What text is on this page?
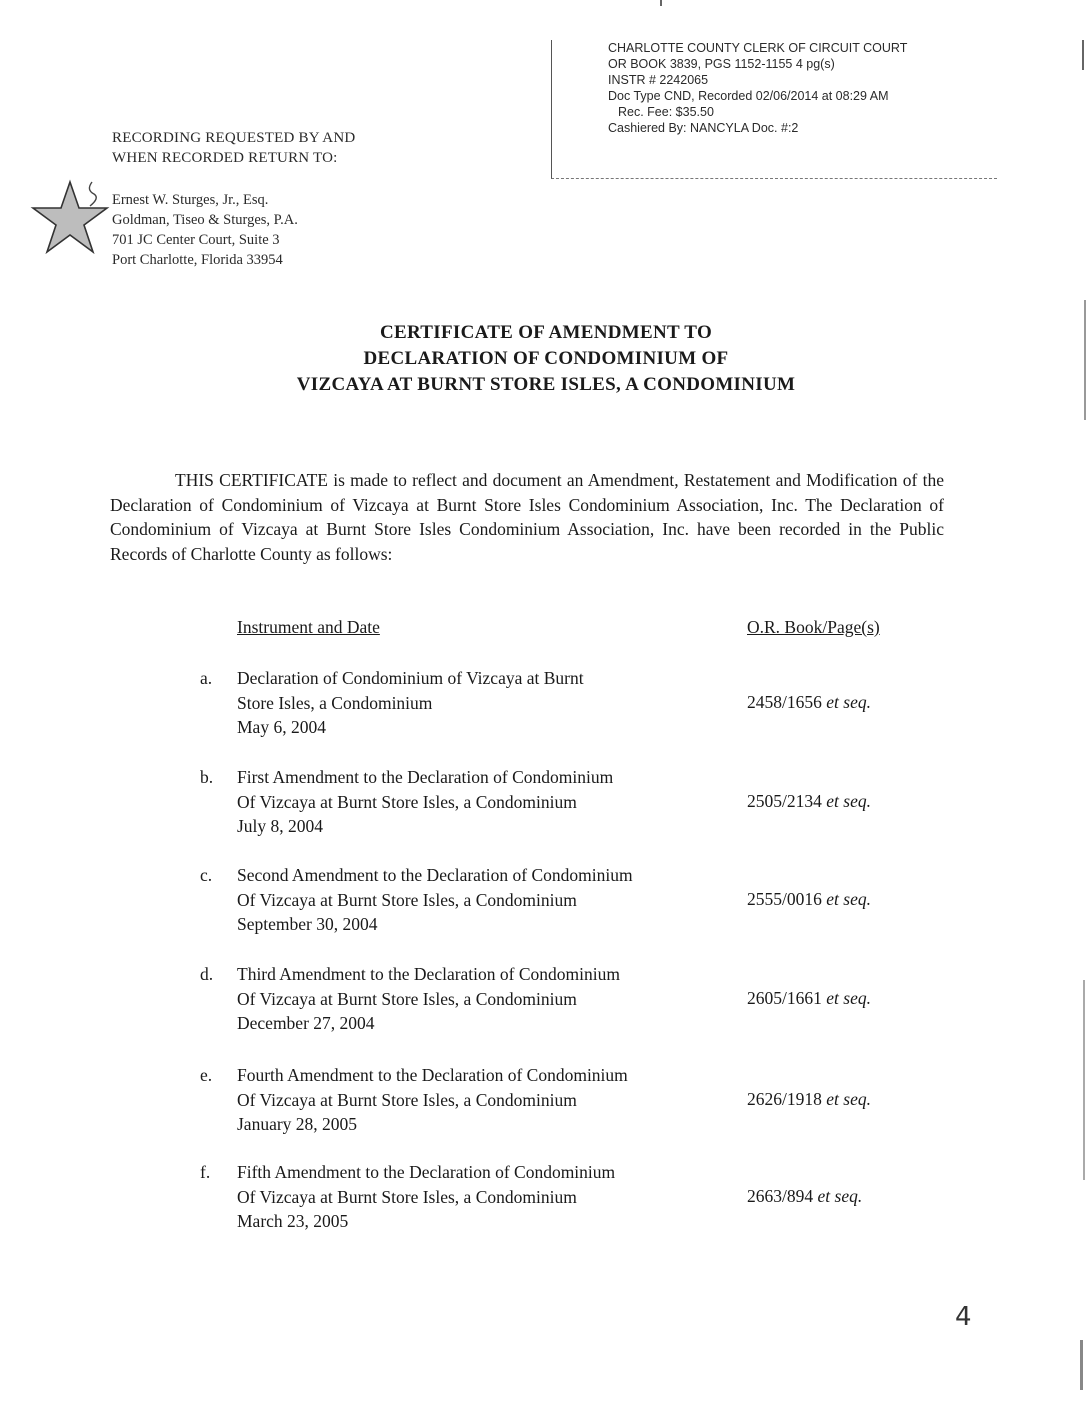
CHARLOTTE COUNTY CLERK OF CIRCUIT COURT
OR BOOK 3839, PGS 1152-1155 4 pg(s)
INSTR # 2242065
Doc Type CND, Recorded 02/06/2014 at 08:29 AM
Rec. Fee: $35.50
Cashiered By: NANCYLA Doc. #:2
RECORDING REQUESTED BY AND
WHEN RECORDED RETURN TO:
Ernest W. Sturges, Jr., Esq.
Goldman, Tiseo & Sturges, P.A.
701 JC Center Court, Suite 3
Port Charlotte, Florida 33954
CERTIFICATE OF AMENDMENT TO
DECLARATION OF CONDOMINIUM OF
VIZCAYA AT BURNT STORE ISLES, A CONDOMINIUM
THIS CERTIFICATE is made to reflect and document an Amendment, Restatement and Modification of the Declaration of Condominium of Vizcaya at Burnt Store Isles Condominium Association, Inc. The Declaration of Condominium of Vizcaya at Burnt Store Isles Condominium Association, Inc. have been recorded in the Public Records of Charlotte County as follows:
Instrument and Date	O.R. Book/Page(s)
a.	Declaration of Condominium of Vizcaya at Burnt
Store Isles, a Condominium
May 6, 2004
2458/1656 et seq.
b.	First Amendment to the Declaration of Condominium
Of Vizcaya at Burnt Store Isles, a Condominium
July 8, 2004
2505/2134 et seq.
c.	Second Amendment to the Declaration of Condominium
Of Vizcaya at Burnt Store Isles, a Condominium
September 30, 2004
2555/0016 et seq.
d.	Third Amendment to the Declaration of Condominium
Of Vizcaya at Burnt Store Isles, a Condominium
December 27, 2004
2605/1661 et seq.
e.	Fourth Amendment to the Declaration of Condominium
Of Vizcaya at Burnt Store Isles, a Condominium
January 28, 2005
2626/1918 et seq.
f.	Fifth Amendment to the Declaration of Condominium
Of Vizcaya at Burnt Store Isles, a Condominium
March 23, 2005
2663/894 et seq.
4
